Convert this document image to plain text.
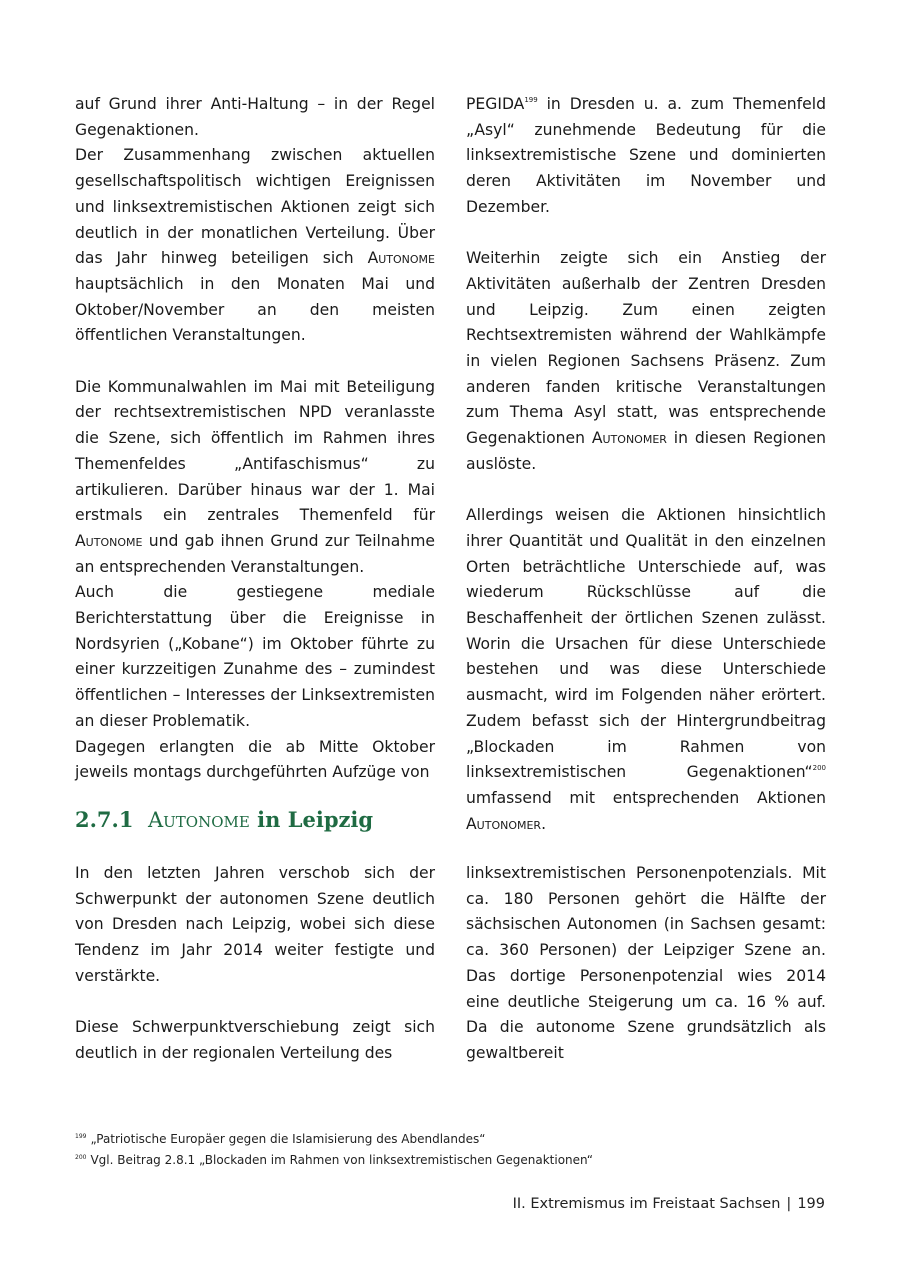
auf Grund ihrer Anti-Haltung – in der Regel Gegenaktionen.

Der Zusammenhang zwischen aktuellen gesellschaftspolitisch wichtigen Ereignissen und linksextremistischen Aktionen zeigt sich deutlich in der monatlichen Verteilung. Über das Jahr hinweg beteiligen sich Autonome hauptsächlich in den Monaten Mai und Oktober/November an den meisten öffentlichen Veranstaltungen.

Die Kommunalwahlen im Mai mit Beteiligung der rechtsextremistischen NPD veranlasste die Szene, sich öffentlich im Rahmen ihres Themenfeldes „Antifaschismus“ zu artikulieren. Darüber hinaus war der 1. Mai erstmals ein zentrales Themenfeld für Autonome und gab ihnen Grund zur Teilnahme an entsprechenden Veranstaltungen.

Auch die gestiegene mediale Berichterstattung über die Ereignisse in Nordsyrien („Kobane“) im Oktober führte zu einer kurzzeitigen Zunahme des – zumindest öffentlichen – Interesses der Linksextremisten an dieser Problematik.

Dagegen erlangten die ab Mitte Oktober jeweils montags durchgeführten Aufzüge von

PEGIDA$^{199}$ in Dresden u. a. zum Themenfeld „Asyl“ zunehmende Bedeutung für die linksextremistische Szene und dominierten deren Aktivitäten im November und Dezember.

Weiterhin zeigte sich ein Anstieg der Aktivitäten außerhalb der Zentren Dresden und Leipzig. Zum einen zeigten Rechtsextremisten während der Wahlkämpfe in vielen Regionen Sachsens Präsenz. Zum anderen fanden kritische Veranstaltungen zum Thema Asyl statt, was entsprechende Gegenaktionen Autonomer in diesen Regionen auslöste.

Allerdings weisen die Aktionen hinsichtlich ihrer Quantität und Qualität in den einzelnen Orten beträchtliche Unterschiede auf, was wiederum Rückschlüsse auf die Beschaffenheit der örtlichen Szenen zulässt. Worin die Ursachen für diese Unterschiede bestehen und was diese Unterschiede ausmacht, wird im Folgenden näher erörtert. Zudem befasst sich der Hintergrundbeitrag „Blockaden im Rahmen von linksextremistischen Gegenaktionen“$^{200}$ umfassend mit entsprechenden Aktionen Autonomer.

2.7.1 Autonome in Leipzig

In den letzten Jahren verschob sich der Schwerpunkt der autonomen Szene deutlich von Dresden nach Leipzig, wobei sich diese Tendenz im Jahr 2014 weiter festigte und verstärkte.

Diese Schwerpunktverschiebung zeigt sich deutlich in der regionalen Verteilung des

linksextremistischen Personenpotenzials. Mit ca. 180 Personen gehört die Hälfte der sächsischen Autonomen (in Sachsen gesamt: ca. 360 Personen) der Leipziger Szene an. Das dortige Personenpotenzial wies 2014 eine deutliche Steigerung um ca. 16 % auf. Da die autonome Szene grundsätzlich als gewaltbereit

$^{199}$ „Patriotische Europäer gegen die Islamisierung des Abendlandes“
$^{200}$ Vgl. Beitrag 2.8.1 „Blockaden im Rahmen von linksextremistischen Gegenaktionen“
II. Extremismus im Freistaat Sachsen | 199
